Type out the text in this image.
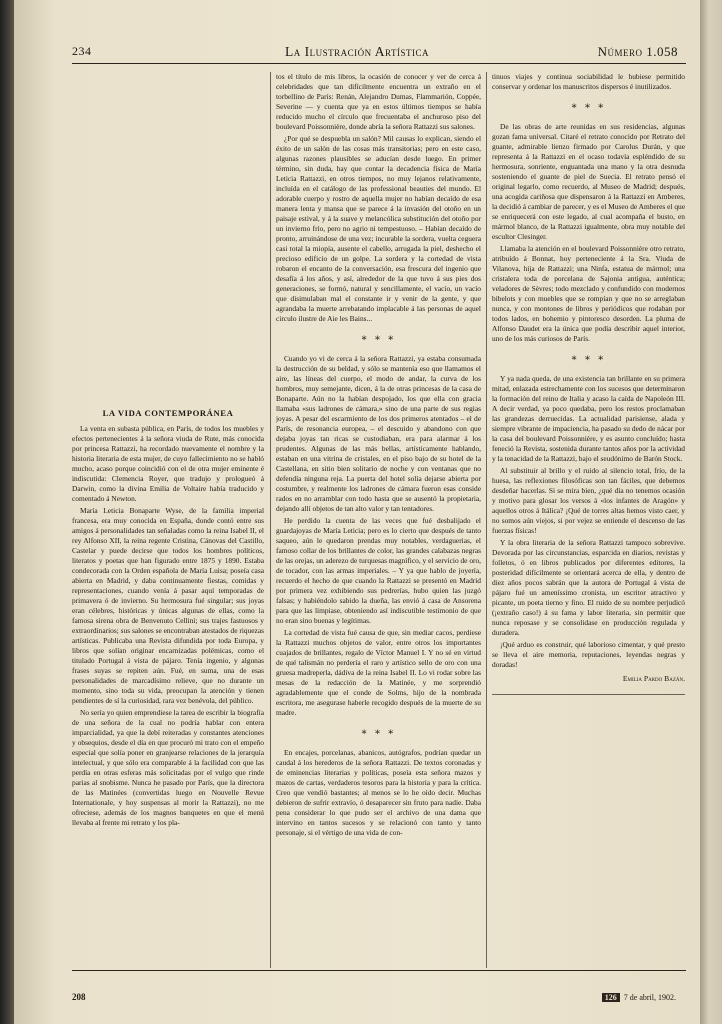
234	La Ilustración Artística	Número 1.058
LA VIDA CONTEMPORÁNEA

La venta en subasta pública, en París, de todos los muebles y efectos pertenecientes á la señora viuda de Rute, más conocida por princesa Rattazzi, ha recordado nuevamente el nombre y la historia literaria de esta mujer, de cuyo fallecimiento no se habló mucho, acaso porque coincidió con el de otra mujer eminente é indiscutida: Clemencia Royer, que tradujo y prologueó á Darwin, como la divina Emilia de Voltaire había traducido y comentado á Newton.

María Leticia Bonaparte Wyse, de la familia imperial francesa, era muy conocida en España, donde contó entre sus amigos á personalidades tan señaladas como la reina Isabel II, el rey Alfonso XII, la reina regente Cristina, Cánovas del Castillo, Castelar y puede decirse que todos los hombres políticos, literatos y poetas que han figurado entre 1875 y 1890. Estaba condecorada con la Orden española de María Luisa; poseía casa abierta en Madrid, y daba continuamente fiestas, comidas y representaciones, cuando venía á pasar aquí temporadas de primavera ó de invierno. Su hermosura fué singular; sus joyas eran célebres, históricas y únicas algunas de ellas, como la famosa sirena obra de Benvenuto Cellini; sus trajes fastuosos y extraordinarios; sus salones se encontraban atestados de riquezas artísticas. Publicaba una Revista difundida por toda Europa, y libros que solían originar encarnizadas polémicas, como el titulado Portugal á vista de pájaro. Tenía ingenio, y algunas frases suyas se repiten aún. Fué, en suma, una de esas personalidades de marcadísimo relieve, que no durante un momento, sino toda su vida, preocupan la atención y tienen pendientes de sí la curiosidad, rara vez benévola, del público.

No sería yo quien emprendiese la tarea de escribir la biografía de una señora de la cual no podría hablar con entera imparcialidad, ya que la debí reiteradas y constantes atenciones y obsequios, desde el día en que procuró mi trato con el empeño especial que solía poner en granjearse relaciones de la jerarquía intelectual, y que sólo era comparable á la facilidad con que las perdía en otras esferas más solicitadas por el vulgo que rinde parias al snobisme. Nunca he pasado por París, que la directora de las Matinées (convertidas luego en Nouvelle Revue Internationale, y hoy suspensas al morir la Rattazzi), no me ofreciese, además de los magnos banquetes en que el menú llevaba al frente mi retrato y los pla-

tos el título de mis libros, la ocasión de conocer y ver de cerca á celebridades que tan difícilmente encuentra un extraño en el torbellino de París: Renán, Alejandro Dumas, Flammarión, Coppée, Severine — y cuenta que ya en estos últimos tiempos se había reducido mucho el círculo que frecuentaba el anchuroso piso del boulevard Poissonnière, donde abría la señora Rattazzi sus salones.

¿Por qué se despuebla un salón? Mil causas lo explican, siendo el éxito de un salón de las cosas más transitorias; pero en este caso, algunas razones plausibles se aducían desde luego. En primer término, sin duda, hay que contar la decadencia física de María Leticia Rattazzi, en otros tiempos, no muy lejanos relativamente, incluída en el catálogo de las professional beauties del mundo. El adorable cuerpo y rostro de aquella mujer no habían decaído de esa manera lenta y mansa que se parece á la invasión del otoño en un paisaje estival, y á la suave y melancólica substitución del otoño por un invierno frío, pero no agrio ni tempestuoso. – Habían decaído de pronto, arruinándose de una vez; incurable la sordera, vuelta ceguera casi total la miopía, ausente el cabello, arrugada la piel, deshecho el precioso edificio de un golpe. La sordera y la cortedad de vista robaron el encanto de la conversación, esa frescura del ingenio que desafía á los años, y así, alrededor de la que tuvo á sus pies dos generaciones, se formó, natural y sencillamente, el vacío, un vacío que disimulaban mal el constante ir y venir de la gente, y que agrandaba la muerte arrebatando implacable á las personas de aquel círculo ilustre de Aie les Bains...

∗ ∗ ∗

Cuando yo vi de cerca á la señora Rattazzi, ya estaba consumada la destrucción de su beldad, y sólo se mantenía eso que llamamos el aire, las líneas del cuerpo, el modo de andar, la curva de los hombros, muy semejante, dicen, á la de otras princesas de la casa de Bonaparte. Aún no la habían despojado, los que ella con gracia llamaba «sus ladrones de cámara,» sino de una parte de sus regias joyas. A pesar del escarmiento de los dos primeros atentados – el de París, de resonancia europea, – el descuido y abandono con que dejaba joyas tan ricas se custodiaban, era para alarmar á los prudentes. Algunas de las más bellas, artísticamente hablando, estaban en una vitrina de cristales, en el piso bajo de su hotel de la Castellana, en sitio bien solitario de noche y con ventanas que no defendía ninguna reja. La puerta del hotel solía dejarse abierta por costumbre, y realmente los ladrones de cámara fueron esas conside rados en no arramblar con todo hasta que se ausentó la propietaria, dejando allí objetos de tan alto valor y tan tentadores.

He perdido la cuenta de las veces que fué desbalijado el guardajoyas de María Leticia; pero es lo cierto que después de tanto saqueo, aún le quedaron prendas muy notables, verdaguerias, el famoso collar de los brillantes de color, las grandes calabazas negras de las orejas, un aderezo de turquesas magnífico, y el servicio de oro, de tocador, con las armas imperiales. – Y ya que hablo de joyería, recuerdo el hecho de que cuando la Rattazzi se presentó en Madrid por primera vez exhibiendo sus pedrerías, hubo quien las juzgó falsas; y habiéndolo sabido la dueña, las envió á casa de Ansorena para que las limpiase, obteniendo así indiscutible testimonio de que no eran sino buenas y legítimas.

La cortedad de vista fué causa de que, sin mediar cacos, perdiese la Rattazzi muchos objetos de valor, entre otros los importantes cuajados de brillantes, regalo de Víctor Manuel I. Y no sé en virtud de qué talismán no perdería el raro y artístico sello de oro con una gruesa madreperla, dádiva de la reina Isabel II. Lo vi rodar sobre las mesas de la redacción de la Matinée, y me sorprendió agradablemente que el conde de Solms, hijo de la nombrada escritora, me asegurase haberle recogido después de la muerte de su madre.

∗ ∗ ∗

En encajes, porcelanas, abanicos, autógrafos, podrían quedar un caudal á los herederos de la señora Rattazzi. De textos coronadas y de eminencias literarias y políticas, poseía esta señora mazos y mazos de cartas, verdaderos tesoros para la historia y para la crítica. Creo que vendió bastantes; al menos se lo he oído decir. Muchas debieron de sufrir extravío, ó desaparecer sin fruto para nadie. Daba pena considerar lo que pudo ser el archivo de una dama que intervino en tantos sucesos y se relacionó con tanto y tanto personaje, si el vértigo de una vida de con-

tinuos viajes y continua sociabilidad le hubiese permitido conservar y ordenar los manuscritos dispersos é inutilizados.

∗ ∗ ∗

De las obras de arte reunidas en sus residencias, algunas gozan fama universal. Citaré el retrato conocido por Retrato del guante, admirable lienzo firmado por Carolus Durán, y que representa á la Rattazzi en el ocaso todavía espléndido de su hermosura, sonriente, enguantada una mano y la otra desnuda sosteniendo el guante de piel de Suecia. El retrato pensó el original legarlo, como recuerdo, al Museo de Madrid; después, una acogida cariñosa que dispensaron á la Rattazzi en Amberes, la decidió á cambiar de parecer, y es el Museo de Amberes el que se enriquecerá con este legado, al cual acompaña el busto, en mármol blanco, de la Rattazzi igualmente, obra muy notable del escultor Clesinger.

Llamaba la atención en el boulevard Poissonnière otro retrato, atribuído á Bonnat, hoy perteneciente á la Sra. Viuda de Vilanova, hija de Rattazzi; una Ninfa, estatua de mármol; una cristalera toda de porcelana de Sajonia antigua, auténtica; veladores de Sèvres; todo mezclado y confundido con modernos bibelots y con muebles que se rompían y que no se arreglaban nunca, y con montones de libros y periódicos que rodaban por todos lados, en bohemio y pintoresco desorden. La pluma de Alfonso Daudet era la única que podía describir aquel interior, uno de los más curiosos de París.

∗ ∗ ∗

Y ya nada queda, de una existencia tan brillante en su primera mitad, enlazada estrechamente con los sucesos que determinaron la formación del reino de Italia y acaso la caída de Napoleón III. A decir verdad, ya poco quedaba, pero los restos proclamaban las grandezas derruecidas. La actualidad parisiense, alada y siempre vibrante de impaciencia, ha pasado su dedo de nácar por la casa del boulevard Poissonnière, y es asunto concluído; hasta feneció la Revista, sostenida durante tantos años por la actividad y la tenacidad de la Rattazzi, bajo el seudónimo de Barón Stock.

Al substituir al brillo y el ruido al silencio total, frío, de la huesa, las reflexiones filosóficas son tan fáciles, que debemos desdeñar hacerlas. Si se mira bien, ¿qué día no tenemos ocasión y motivo para glosar los versos á «los infantes de Aragón» y aquellos otros á Itálica? ¡Qué de torres altas hemos visto caer, y no somos aún viejos, si por vejez se entiende el descenso de las fuerzas físicas!

Y la obra literaria de la señora Rattazzi tampoco sobrevive. Devorada por las circunstancias, esparcida en diarios, revistas y folletos, ó en libros publicados por diferentes editores, la posteridad difícilmente se orientará acerca de ella, y dentro de diez años pocos sabrán que la autora de Portugal á vista de pájaro fué un ameníssimo cronista, un escritor atractivo y picante, un poeta tierno y fino. El ruido de su nombre perjudicó (¡extraño caso!) á su fama y labor literaria, sin permitir que nunca reposase y se consolidase en producción regulada y duradera.

¡Qué arduo es construir, qué laborioso cimentar, y qué presto se lleva el aire memoria, reputaciones, leyendas negras y doradas!

Emilia Pardo Bazán.
208	126 7 de abril, 1902.
